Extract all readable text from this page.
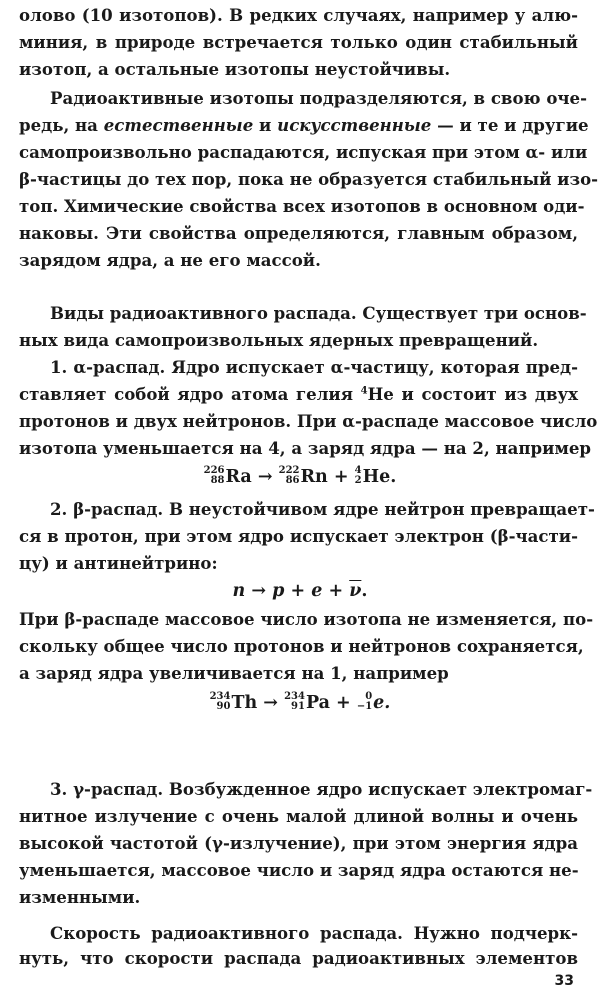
олово (10 изотопов). В редких случаях, например у алю-
миния, в природе встречается только один стабильный
изотоп, а остальные изотопы неустойчивы.
Радиоактивные изотопы подразделяются, в свою оче-
редь, на естественные и искусственные — и те и другие
самопроизвольно распадаются, испуская при этом α- или
β-частицы до тех пор, пока не образуется стабильный изо-
топ. Химические свойства всех изотопов в основном оди-
наковы. Эти свойства определяются, главным образом,
зарядом ядра, а не его массой.
Виды радиоактивного распада. Существует три основ-
ных вида самопроизвольных ядерных превращений.
1. α-распад. Ядро испускает α-частицу, которая пред-
ставляет собой ядро атома гелия $^4$He и состоит из двух
протонов и двух нейтронов. При α-распаде массовое число
изотопа уменьшается на 4, а заряд ядра — на 2, например
226
88 Ra → 222
86 Rn + 4
2 He.
2. β-распад. В неустойчивом ядре нейтрон превращает-
ся в протон, при этом ядро испускает электрон (β-части-
цу) и антинейтрино:
$n \to p + e + \overline{\nu}$.
При β-распаде массовое число изотопа не изменяется, по-
скольку общее число протонов и нейтронов сохраняется,
а заряд ядра увеличивается на 1, например
234
90 Th → 234
91 Pa + 0
−1 e.
3. γ-распад. Возбужденное ядро испускает электромаг-
нитное излучение с очень малой длиной волны и очень
высокой частотой (γ-излучение), при этом энергия ядра
уменьшается, массовое число и заряд ядра остаются не-
изменными.
Скорость радиоактивного распада. Нужно подчерк-
нуть, что скорости распада радиоактивных элементов
33
